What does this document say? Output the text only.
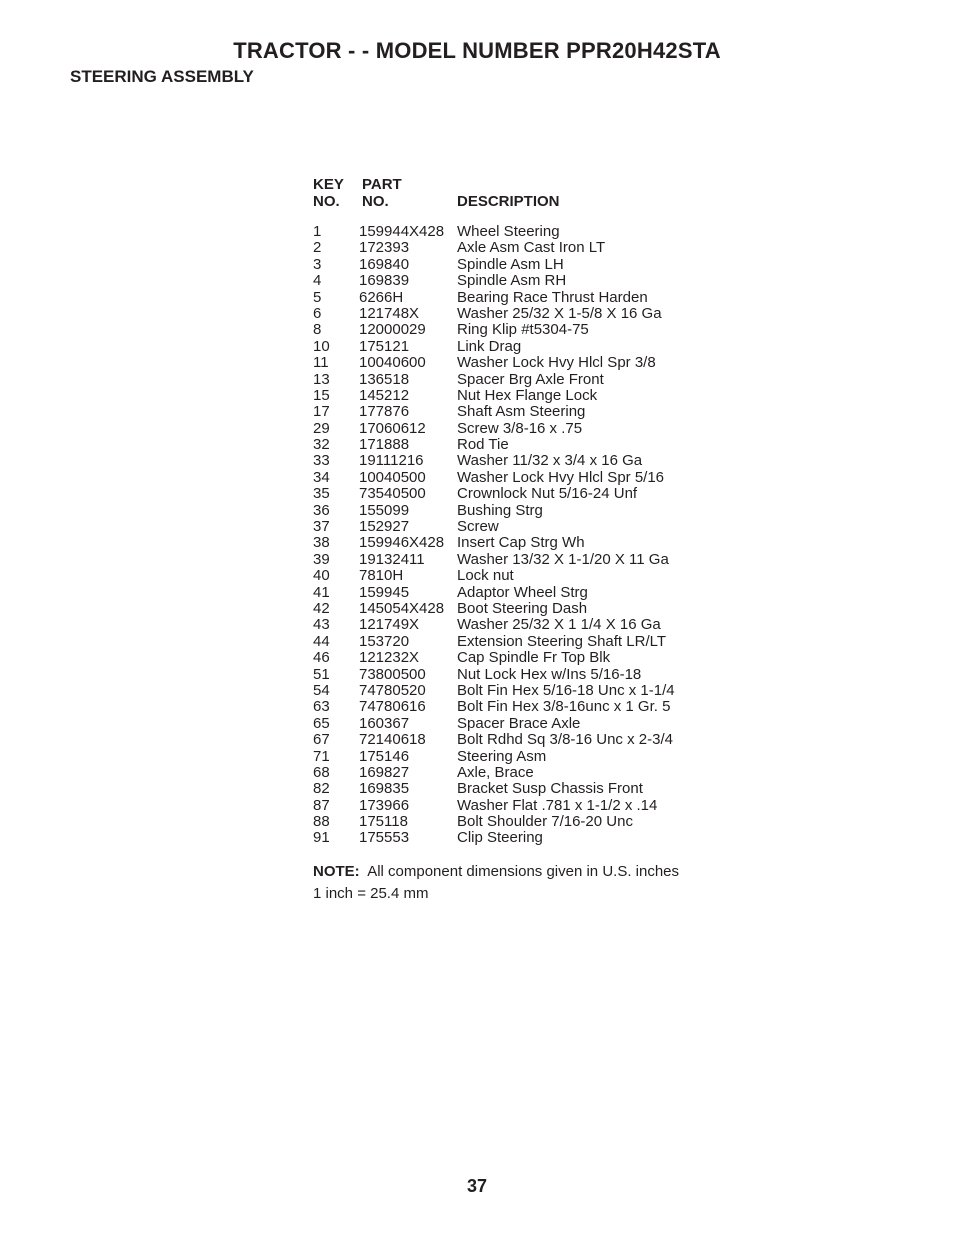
TRACTOR - - MODEL NUMBER PPR20H42STA
STEERING ASSEMBLY
KEY
NO.
PART
NO.	DESCRIPTION
1	159944X428 Wheel Steering
2	172393	Axle Asm Cast Iron LT
3	169840	Spindle Asm LH
4	169839	Spindle Asm RH
5	6266H	Bearing Race Thrust Harden
6	121748X	Washer 25/32 X 1-5/8 X 16 Ga
8	12000029 Ring Klip #t5304-75
10 175121	Link Drag
11 10040600 Washer Lock Hvy Hlcl Spr 3/8
13 136518	Spacer Brg Axle Front
15 145212	Nut Hex Flange Lock
17 177876	Shaft Asm Steering
29 17060612 Screw 3/8-16 x .75
32 171888	Rod Tie
33 19111216 Washer 11/32 x 3/4 x 16 Ga
34 10040500 Washer Lock Hvy Hlcl Spr 5/16
35 73540500 Crownlock Nut 5/16-24 Unf
36 155099	Bushing Strg
37 152927	Screw
38 159946X428 Insert Cap Strg Wh
39 19132411 Washer 13/32 X 1-1/20 X 11 Ga
40 7810H	Lock nut
41 159945	Adaptor Wheel Strg
42 145054X428 Boot Steering Dash
43 121749X	Washer 25/32 X 1 1/4 X 16 Ga
44 153720	Extension Steering Shaft LR/LT
46 121232X	Cap Spindle Fr Top Blk
51 73800500 Nut Lock Hex w/Ins 5/16-18
54 74780520 Bolt Fin Hex 5/16-18 Unc x 1-1/4
63 74780616 Bolt Fin Hex 3/8-16unc x 1 Gr. 5
65 160367	Spacer Brace Axle
67 72140618 Bolt Rdhd Sq 3/8-16 Unc x 2-3/4
71 175146	Steering Asm
68 169827	Axle, Brace
82 169835	Bracket Susp Chassis Front
87 173966	Washer Flat .781 x 1-1/2 x .14
88 175118	Bolt Shoulder 7/16-20 Unc
91 175553	Clip Steering
NOTE: All component dimensions given in U.S. inches
1 inch = 25.4 mm
37
